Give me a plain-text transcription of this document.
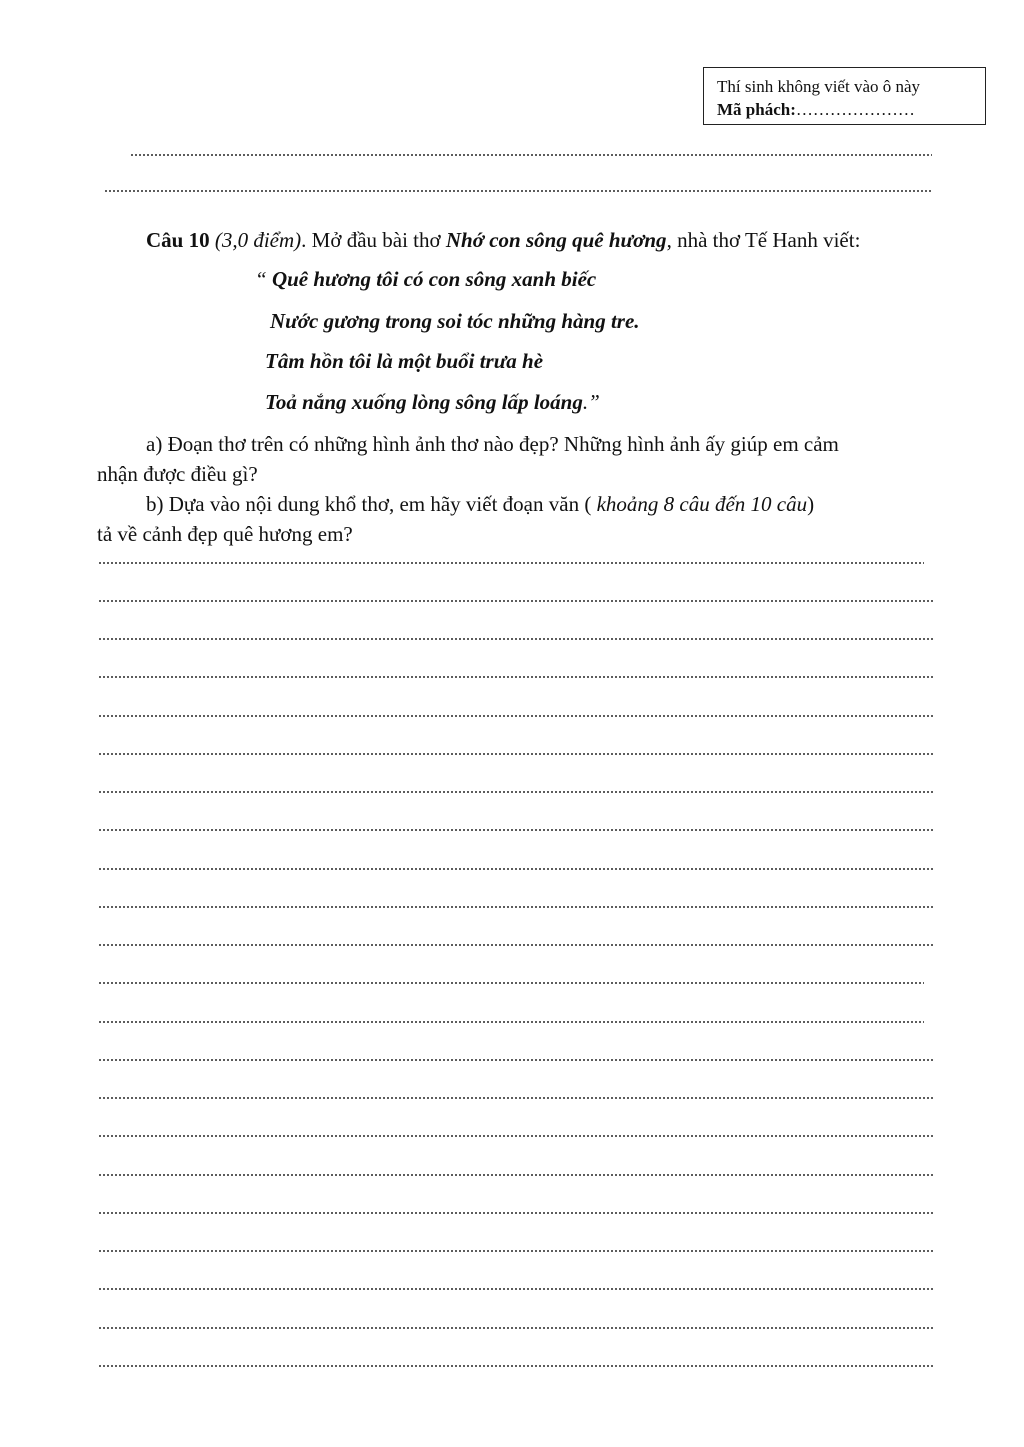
Thí sinh không viết vào ô này
Mã phách:…………………
Câu 10 (3,0 điểm). Mở đầu bài thơ Nhớ con sông quê hương, nhà thơ Tế Hanh viết:
“ Quê hương tôi có con sông xanh biếc
Nước gương trong soi tóc những hàng tre.
Tâm hồn tôi là một buổi trưa hè
Toả nắng xuống lòng sông lấp loáng.”
a) Đoạn thơ trên có những hình ảnh thơ nào đẹp? Những hình ảnh ấy giúp em cảm
nhận được điều gì?
b) Dựa vào nội dung khổ thơ, em hãy viết đoạn văn ( khoảng 8 câu đến 10 câu)
tả về cảnh đẹp quê hương em?
